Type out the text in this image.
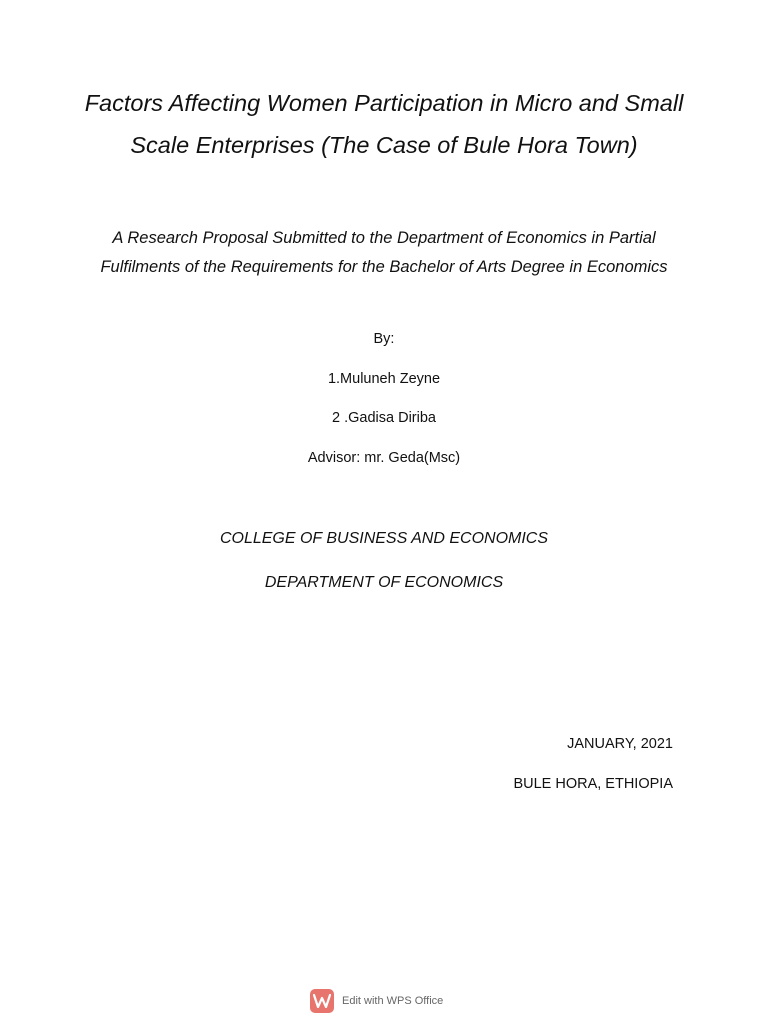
Factors Affecting Women Participation in Micro and Small Scale Enterprises (The Case of Bule Hora Town)

A Research Proposal Submitted to the Department of Economics in Partial Fulfilments of the Requirements for the Bachelor of Arts Degree in Economics

By:

1.Muluneh Zeyne

2 .Gadisa Diriba

Advisor: mr. Geda(Msc)

COLLEGE OF BUSINESS AND ECONOMICS

DEPARTMENT OF ECONOMICS

JANUARY, 2021

BULE HORA, ETHIOPIA

Edit with WPS Office
